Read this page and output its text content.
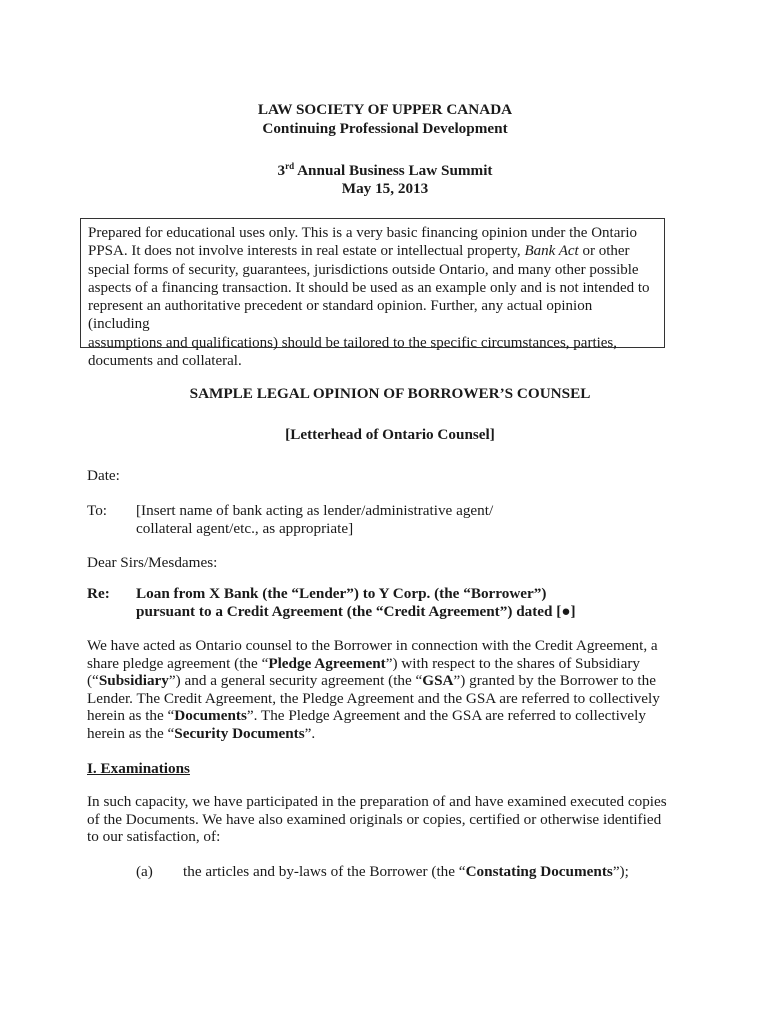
LAW SOCIETY OF UPPER CANADA
Continuing Professional Development
3rd Annual Business Law Summit
May 15, 2013
Prepared for educational uses only. This is a very basic financing opinion under the Ontario
PPSA. It does not involve interests in real estate or intellectual property, Bank Act or other
special forms of security, guarantees, jurisdictions outside Ontario, and many other possible
aspects of a financing transaction. It should be used as an example only and is not intended to
represent an authoritative precedent or standard opinion. Further, any actual opinion (including
assumptions and qualifications) should be tailored to the specific circumstances, parties,
documents and collateral.
SAMPLE LEGAL OPINION OF BORROWER’S COUNSEL
[Letterhead of Ontario Counsel]
Date:
To: [Insert name of bank acting as lender/administrative agent/
collateral agent/etc., as appropriate]
Dear Sirs/Mesdames:
Re: Loan from X Bank (the “Lender”) to Y Corp. (the “Borrower”)
pursuant to a Credit Agreement (the “Credit Agreement”) dated [●]
We have acted as Ontario counsel to the Borrower in connection with the Credit Agreement, a
share pledge agreement (the “Pledge Agreement”) with respect to the shares of Subsidiary
(“Subsidiary”) and a general security agreement (the “GSA”) granted by the Borrower to the
Lender. The Credit Agreement, the Pledge Agreement and the GSA are referred to collectively
herein as the “Documents”. The Pledge Agreement and the GSA are referred to collectively
herein as the “Security Documents”.
I. Examinations
In such capacity, we have participated in the preparation of and have examined executed copies
of the Documents. We have also examined originals or copies, certified or otherwise identified
to our satisfaction, of:
(a) the articles and by-laws of the Borrower (the “Constating Documents”);
